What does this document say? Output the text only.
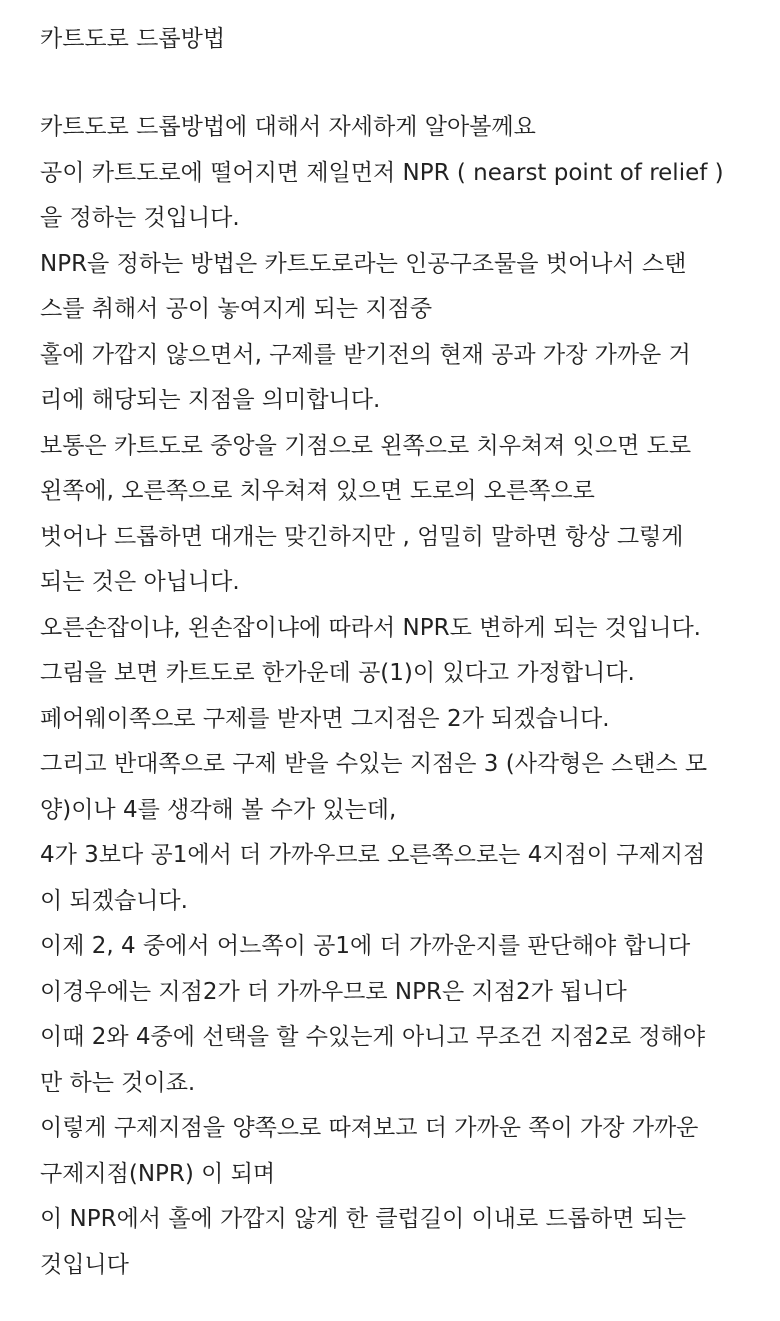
카트도로 드롭방법
카트도로 드롭방법에 대해서 자세하게 알아볼께요
공이 카트도로에 떨어지면 제일먼저 NPR ( nearst point of relief )
을 정하는 것입니다.
NPR을 정하는 방법은 카트도로라는 인공구조물을 벗어나서 스탠
스를 취해서 공이 놓여지게 되는 지점중
홀에 가깝지 않으면서, 구제를 받기전의 현재 공과 가장 가까운 거
리에 해당되는 지점을 의미합니다.
보통은 카트도로 중앙을 기점으로 왼쪽으로 치우쳐져 잇으면 도로
왼쪽에, 오른쪽으로 치우쳐져 있으면 도로의 오른쪽으로
벗어나 드롭하면 대개는 맞긴하지만 , 엄밀히 말하면 항상 그렇게
되는 것은 아닙니다.
오른손잡이냐, 왼손잡이냐에 따라서 NPR도 변하게 되는 것입니다.
그림을 보면 카트도로 한가운데 공(1)이 있다고 가정합니다.
페어웨이쪽으로 구제를 받자면 그지점은 2가 되겠습니다.
그리고 반대쪽으로 구제 받을 수있는 지점은 3 (사각형은 스탠스 모
양)이나 4를 생각해 볼 수가 있는데,
4가 3보다 공1에서 더 가까우므로 오른쪽으로는 4지점이 구제지점
이 되겠습니다.
이제 2, 4 중에서 어느쪽이 공1에 더 가까운지를 판단해야 합니다
이경우에는 지점2가 더 가까우므로 NPR은 지점2가 됩니다
이때 2와 4중에 선택을 할 수있는게 아니고 무조건 지점2로 정해야
만 하는 것이죠.
이렇게 구제지점을 양쪽으로 따져보고 더 가까운 쪽이 가장 가까운
구제지점(NPR) 이 되며
이 NPR에서 홀에 가깝지 않게 한 클럽길이 이내로 드롭하면 되는
것입니다
